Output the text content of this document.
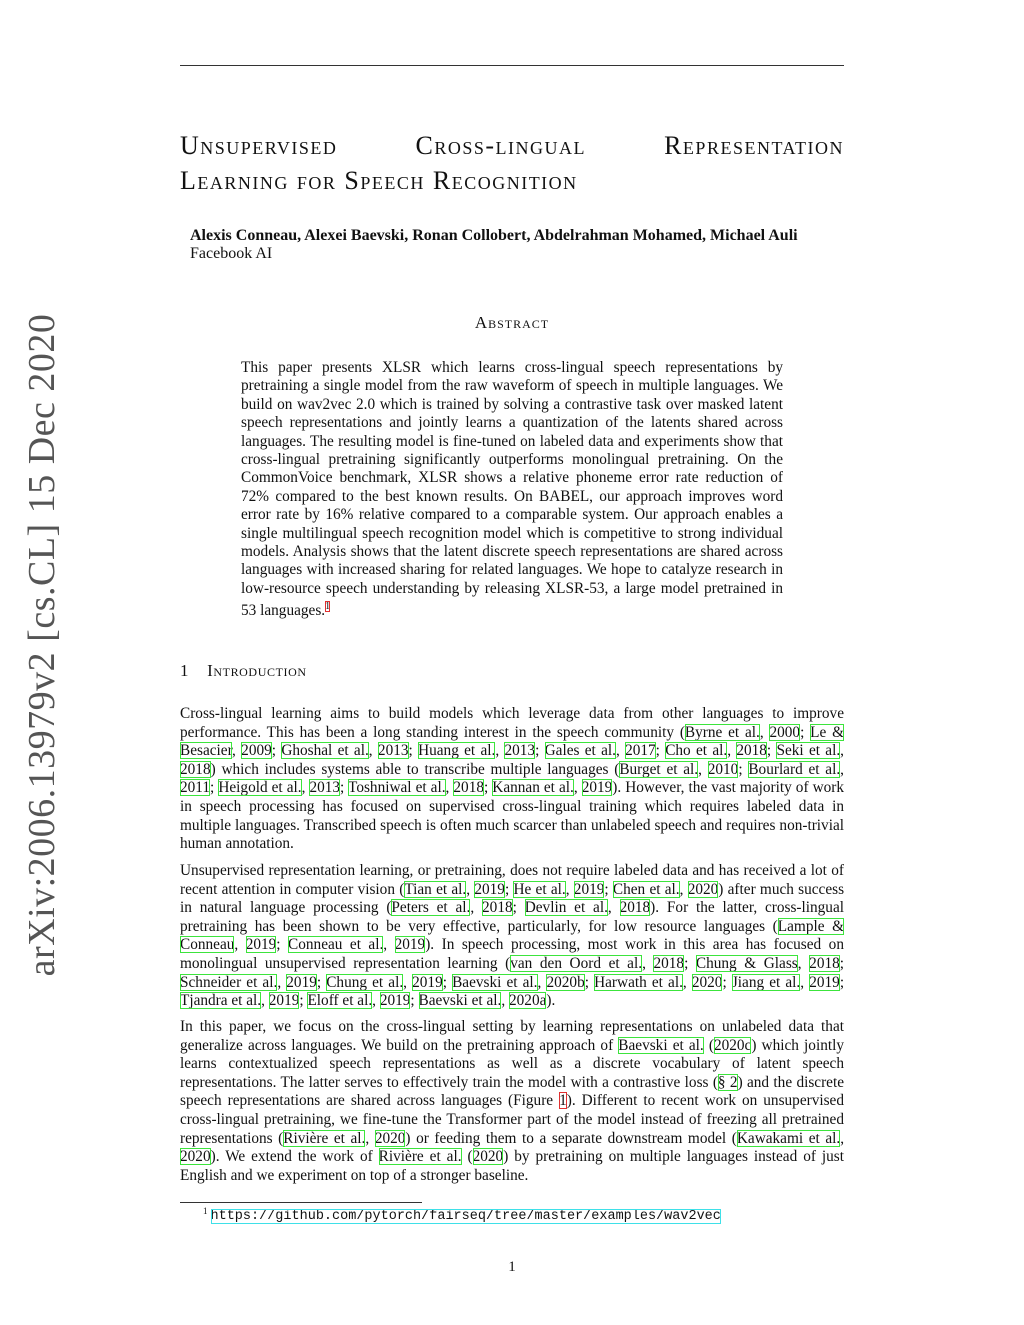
arXiv:2006.13979v2 [cs.CL] 15 Dec 2020
Unsupervised Cross-lingual Representation
Learning for Speech Recognition
Alexis Conneau, Alexei Baevski, Ronan Collobert, Abdelrahman Mohamed, Michael Auli
Facebook AI
Abstract
This paper presents XLSR which learns cross-lingual speech representations by pretraining a single model from the raw waveform of speech in multiple languages. We build on wav2vec 2.0 which is trained by solving a contrastive task over masked latent speech representations and jointly learns a quantization of the latents shared across languages. The resulting model is fine-tuned on labeled data and experiments show that cross-lingual pretraining significantly outperforms monolingual pretraining. On the CommonVoice benchmark, XLSR shows a relative phoneme error rate reduction of 72% compared to the best known results. On BABEL, our approach improves word error rate by 16% relative compared to a comparable system. Our approach enables a single multilingual speech recognition model which is competitive to strong individual models. Analysis shows that the latent discrete speech representations are shared across languages with increased sharing for related languages. We hope to catalyze research in low-resource speech understanding by releasing XLSR-53, a large model pretrained in 53 languages.$^1$
1 Introduction
Cross-lingual learning aims to build models which leverage data from other languages to improve performance. This has been a long standing interest in the speech community (Byrne et al., 2000; Le & Besacier, 2009; Ghoshal et al., 2013; Huang et al., 2013; Gales et al., 2017; Cho et al., 2018; Seki et al., 2018) which includes systems able to transcribe multiple languages (Burget et al., 2010; Bourlard et al., 2011; Heigold et al., 2013; Toshniwal et al., 2018; Kannan et al., 2019). However, the vast majority of work in speech processing has focused on supervised cross-lingual training which requires labeled data in multiple languages. Transcribed speech is often much scarcer than unlabeled speech and requires non-trivial human annotation.
Unsupervised representation learning, or pretraining, does not require labeled data and has received a lot of recent attention in computer vision (Tian et al., 2019; He et al., 2019; Chen et al., 2020) after much success in natural language processing (Peters et al., 2018; Devlin et al., 2018). For the latter, cross-lingual pretraining has been shown to be very effective, particularly, for low resource languages (Lample & Conneau, 2019; Conneau et al., 2019). In speech processing, most work in this area has focused on monolingual unsupervised representation learning (van den Oord et al., 2018; Chung & Glass, 2018; Schneider et al., 2019; Chung et al., 2019; Baevski et al., 2020b; Harwath et al., 2020; Jiang et al., 2019; Tjandra et al., 2019; Eloff et al., 2019; Baevski et al., 2020a).
In this paper, we focus on the cross-lingual setting by learning representations on unlabeled data that generalize across languages. We build on the pretraining approach of Baevski et al. (2020c) which jointly learns contextualized speech representations as well as a discrete vocabulary of latent speech representations. The latter serves to effectively train the model with a contrastive loss (§ 2) and the discrete speech representations are shared across languages (Figure 1). Different to recent work on unsupervised cross-lingual pretraining, we fine-tune the Transformer part of the model instead of freezing all pretrained representations (Rivière et al., 2020) or feeding them to a separate downstream model (Kawakami et al., 2020). We extend the work of Rivière et al. (2020) by pretraining on multiple languages instead of just English and we experiment on top of a stronger baseline.
$^1$ https://github.com/pytorch/fairseq/tree/master/examples/wav2vec
1
